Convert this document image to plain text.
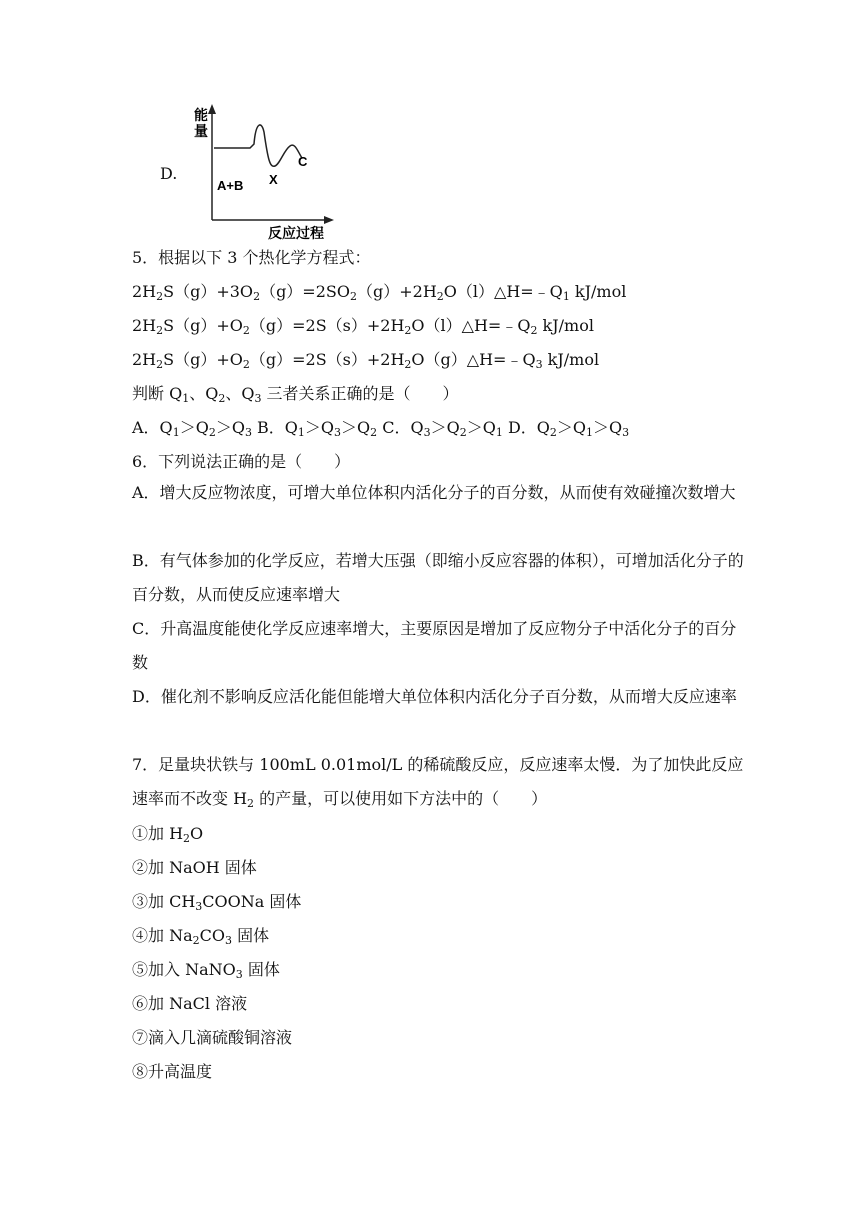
D.
能
量
A+B X
C
反应过程
5．根据以下 3 个热化学方程式：
$2H_2S(g)+3O_2(g)=2SO_2(g)+2H_2O(l)\triangle H=﹣Q_1$ kJ/mol
$2H_2S(g)+O_2(g)=2S(s)+2H_2O(l)\triangle H=﹣Q_2$ kJ/mol
$2H_2S(g)+O_2(g)=2S(s)+2H_2O(g)\triangle H=﹣Q_3$ kJ/mol
判断 $Q_1$、$Q_2$、$Q_3$ 三者关系正确的是（　　）
A．$Q_1>Q_2>Q_3$ B．$Q_1>Q_3>Q_2$ C．$Q_3>Q_2>Q_1$ D．$Q_2>Q_1>Q_3$
6．下列说法正确的是（　　）
A．增大反应物浓度，可增大单位体积内活化分子的百分数，从而使有效碰撞次数增大
B．有气体参加的化学反应，若增大压强（即缩小反应容器的体积），可增加活化分子的百分数，从而使反应速率增大
C．升高温度能使化学反应速率增大，主要原因是增加了反应物分子中活化分子的百分数
D．催化剂不影响反应活化能但能增大单位体积内活化分子百分数，从而增大反应速率
7．足量块状铁与 100mL 0.01mol/L 的稀硫酸反应，反应速率太慢．为了加快此反应速率而不改变 $H_2$ 的产量，可以使用如下方法中的（　　）
①加 $H_2O$
②加 NaOH 固体
③加 $CH_3COONa$ 固体
④加 $Na_2CO_3$ 固体
⑤加入 NaNO$_3$ 固体
⑥加 NaCl 溶液
⑦滴入几滴硫酸铜溶液
⑧升高温度
